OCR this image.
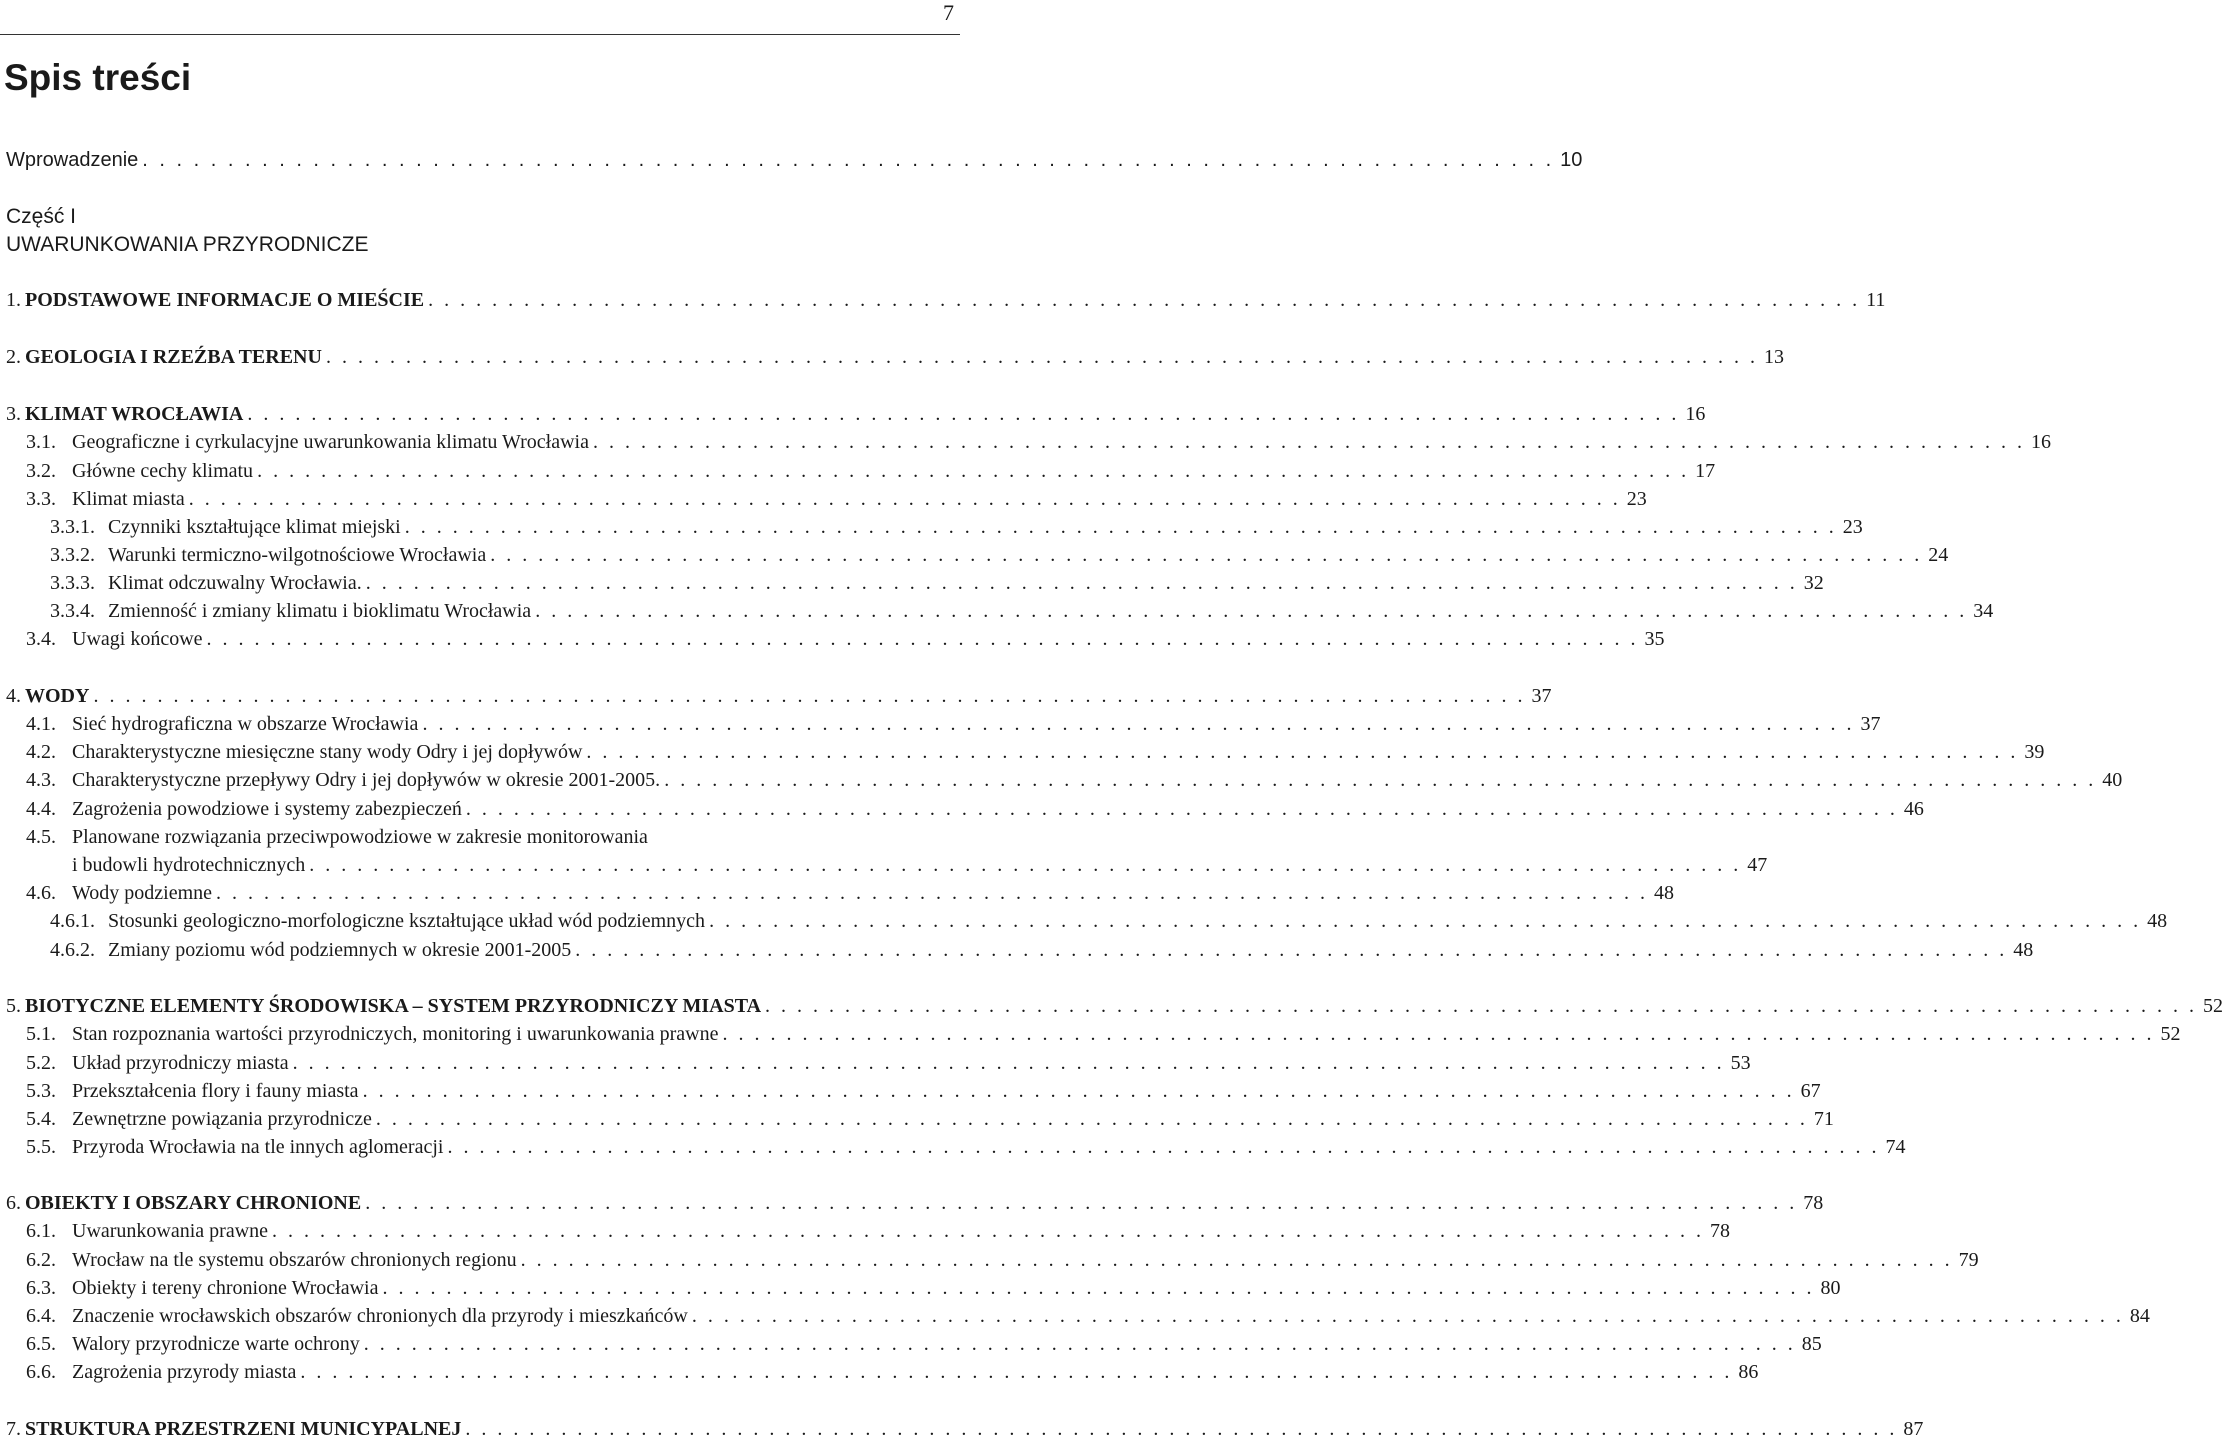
7
Spis treści
Wprowadzenie . . . . . . . . . . . . . . . . . . . . . . . . . . . . . . . . . . . . . . . . . . . . . . . . . . . . . . . . . . . . . . . . . . . . . . . . . . . . . . . . . . . 10
Część I
UWARUNKOWANIA PRZYRODNICZE
1. PODSTAWOWE INFORMACJE O MIEŚCIE . . . . . . . . . . . . . . . . . . . . . . . . . . . . . . . . . . . . . . . . . . . . . . . . . . . . . . . . . . . . . . . . . . . . . . . . . . . . . . . . . . . . . . . . . . 11
2. GEOLOGIA I RZEŹBA TERENU . . . . . . . . . . . . . . . . . . . . . . . . . . . . . . . . . . . . . . . . . . . . . . . . . . . . . . . . . . . . . . . . . . . . . . . . . . . . . . . . . . . . . . . . . . 13
3. KLIMAT WROCŁAWIA . . . . . . . . . . . . . . . . . . . . . . . . . . . . . . . . . . . . . . . . . . . . . . . . . . . . . . . . . . . . . . . . . . . . . . . . . . . . . . . . . . . . . . . . . . 16
3.1. Geograficzne i cyrkulacyjne uwarunkowania klimatu Wrocławia . . . . . . . . . . . . . . . . . . . . . . . . . . . . . . . . . . . . . . . . . . . . . . . . . . . . . . . . . . . . . . . . . . . . . . . . . . . . . . . . . . . . . . . . . . 16
3.2. Główne cechy klimatu . . . . . . . . . . . . . . . . . . . . . . . . . . . . . . . . . . . . . . . . . . . . . . . . . . . . . . . . . . . . . . . . . . . . . . . . . . . . . . . . . . . . . . . . . . 17
3.3. Klimat miasta . . . . . . . . . . . . . . . . . . . . . . . . . . . . . . . . . . . . . . . . . . . . . . . . . . . . . . . . . . . . . . . . . . . . . . . . . . . . . . . . . . . . . . . . . . 23
3.3.1. Czynniki kształtujące klimat miejski . . . . . . . . . . . . . . . . . . . . . . . . . . . . . . . . . . . . . . . . . . . . . . . . . . . . . . . . . . . . . . . . . . . . . . . . . . . . . . . . . . . . . . . . . . 23
3.3.2. Warunki termiczno-wilgotnościowe Wrocławia . . . . . . . . . . . . . . . . . . . . . . . . . . . . . . . . . . . . . . . . . . . . . . . . . . . . . . . . . . . . . . . . . . . . . . . . . . . . . . . . . . . . . . . . . . 24
3.3.3. Klimat odczuwalny Wrocławia. . . . . . . . . . . . . . . . . . . . . . . . . . . . . . . . . . . . . . . . . . . . . . . . . . . . . . . . . . . . . . . . . . . . . . . . . . . . . . . . . . . . . . . . . . . 32
3.3.4. Zmienność i zmiany klimatu i bioklimatu Wrocławia . . . . . . . . . . . . . . . . . . . . . . . . . . . . . . . . . . . . . . . . . . . . . . . . . . . . . . . . . . . . . . . . . . . . . . . . . . . . . . . . . . . . . . . . . . 34
3.4. Uwagi końcowe . . . . . . . . . . . . . . . . . . . . . . . . . . . . . . . . . . . . . . . . . . . . . . . . . . . . . . . . . . . . . . . . . . . . . . . . . . . . . . . . . . . . . . . . . . 35
4. WODY . . . . . . . . . . . . . . . . . . . . . . . . . . . . . . . . . . . . . . . . . . . . . . . . . . . . . . . . . . . . . . . . . . . . . . . . . . . . . . . . . . . . . . . . . . 37
4.1. Sieć hydrograficzna w obszarze Wrocławia . . . . . . . . . . . . . . . . . . . . . . . . . . . . . . . . . . . . . . . . . . . . . . . . . . . . . . . . . . . . . . . . . . . . . . . . . . . . . . . . . . . . . . . . . . 37
4.2. Charakterystyczne miesięczne stany wody Odry i jej dopływów . . . . . . . . . . . . . . . . . . . . . . . . . . . . . . . . . . . . . . . . . . . . . . . . . . . . . . . . . . . . . . . . . . . . . . . . . . . . . . . . . . . . . . . . . . 39
4.3. Charakterystyczne przepływy Odry i jej dopływów w okresie 2001-2005. . . . . . . . . . . . . . . . . . . . . . . . . . . . . . . . . . . . . . . . . . . . . . . . . . . . . . . . . . . . . . . . . . . . . . . . . . . . . . . . . . . . . . . . . . . 40
4.4. Zagrożenia powodziowe i systemy zabezpieczeń . . . . . . . . . . . . . . . . . . . . . . . . . . . . . . . . . . . . . . . . . . . . . . . . . . . . . . . . . . . . . . . . . . . . . . . . . . . . . . . . . . . . . . . . . . 46
4.5. Planowane rozwiązania przeciwpowodziowe w zakresie monitorowania
i budowli hydrotechnicznych . . . . . . . . . . . . . . . . . . . . . . . . . . . . . . . . . . . . . . . . . . . . . . . . . . . . . . . . . . . . . . . . . . . . . . . . . . . . . . . . . . . . . . . . . . 47
4.6. Wody podziemne . . . . . . . . . . . . . . . . . . . . . . . . . . . . . . . . . . . . . . . . . . . . . . . . . . . . . . . . . . . . . . . . . . . . . . . . . . . . . . . . . . . . . . . . . . 48
4.6.1. Stosunki geologiczno-morfologiczne kształtujące układ wód podziemnych . . . . . . . . . . . . . . . . . . . . . . . . . . . . . . . . . . . . . . . . . . . . . . . . . . . . . . . . . . . . . . . . . . . . . . . . . . . . . . . . . . . . . . . . . . 48
4.6.2. Zmiany poziomu wód podziemnych w okresie 2001-2005 . . . . . . . . . . . . . . . . . . . . . . . . . . . . . . . . . . . . . . . . . . . . . . . . . . . . . . . . . . . . . . . . . . . . . . . . . . . . . . . . . . . . . . . . . . 48
5. BIOTYCZNE ELEMENTY ŚRODOWISKA – SYSTEM PRZYRODNICZY MIASTA . . . . . . . . . . . . . . . . . . . . . . . . . . . . . . . . . . . . . . . . . . . . . . . . . . . . . . . . . . . . . . . . . . . . . . . . . . . . . . . . . . . . . . . . . . 52
5.1. Stan rozpoznania wartości przyrodniczych, monitoring i uwarunkowania prawne . . . . . . . . . . . . . . . . . . . . . . . . . . . . . . . . . . . . . . . . . . . . . . . . . . . . . . . . . . . . . . . . . . . . . . . . . . . . . . . . . . . . . . . . . . 52
5.2. Układ przyrodniczy miasta . . . . . . . . . . . . . . . . . . . . . . . . . . . . . . . . . . . . . . . . . . . . . . . . . . . . . . . . . . . . . . . . . . . . . . . . . . . . . . . . . . . . . . . . . . 53
5.3. Przekształcenia flory i fauny miasta . . . . . . . . . . . . . . . . . . . . . . . . . . . . . . . . . . . . . . . . . . . . . . . . . . . . . . . . . . . . . . . . . . . . . . . . . . . . . . . . . . . . . . . . . . 67
5.4. Zewnętrzne powiązania przyrodnicze . . . . . . . . . . . . . . . . . . . . . . . . . . . . . . . . . . . . . . . . . . . . . . . . . . . . . . . . . . . . . . . . . . . . . . . . . . . . . . . . . . . . . . . . . . 71
5.5. Przyroda Wrocławia na tle innych aglomeracji . . . . . . . . . . . . . . . . . . . . . . . . . . . . . . . . . . . . . . . . . . . . . . . . . . . . . . . . . . . . . . . . . . . . . . . . . . . . . . . . . . . . . . . . . . 74
6. OBIEKTY I OBSZARY CHRONIONE . . . . . . . . . . . . . . . . . . . . . . . . . . . . . . . . . . . . . . . . . . . . . . . . . . . . . . . . . . . . . . . . . . . . . . . . . . . . . . . . . . . . . . . . . . 78
6.1. Uwarunkowania prawne . . . . . . . . . . . . . . . . . . . . . . . . . . . . . . . . . . . . . . . . . . . . . . . . . . . . . . . . . . . . . . . . . . . . . . . . . . . . . . . . . . . . . . . . . . 78
6.2. Wrocław na tle systemu obszarów chronionych regionu . . . . . . . . . . . . . . . . . . . . . . . . . . . . . . . . . . . . . . . . . . . . . . . . . . . . . . . . . . . . . . . . . . . . . . . . . . . . . . . . . . . . . . . . . . 79
6.3. Obiekty i tereny chronione Wrocławia . . . . . . . . . . . . . . . . . . . . . . . . . . . . . . . . . . . . . . . . . . . . . . . . . . . . . . . . . . . . . . . . . . . . . . . . . . . . . . . . . . . . . . . . . . 80
6.4. Znaczenie wrocławskich obszarów chronionych dla przyrody i mieszkańców . . . . . . . . . . . . . . . . . . . . . . . . . . . . . . . . . . . . . . . . . . . . . . . . . . . . . . . . . . . . . . . . . . . . . . . . . . . . . . . . . . . . . . . . . . 84
6.5. Walory przyrodnicze warte ochrony . . . . . . . . . . . . . . . . . . . . . . . . . . . . . . . . . . . . . . . . . . . . . . . . . . . . . . . . . . . . . . . . . . . . . . . . . . . . . . . . . . . . . . . . . . 85
6.6. Zagrożenia przyrody miasta . . . . . . . . . . . . . . . . . . . . . . . . . . . . . . . . . . . . . . . . . . . . . . . . . . . . . . . . . . . . . . . . . . . . . . . . . . . . . . . . . . . . . . . . . . 86
7. STRUKTURA PRZESTRZENI MUNICYPALNEJ . . . . . . . . . . . . . . . . . . . . . . . . . . . . . . . . . . . . . . . . . . . . . . . . . . . . . . . . . . . . . . . . . . . . . . . . . . . . . . . . . . . . . . . . . . 87
